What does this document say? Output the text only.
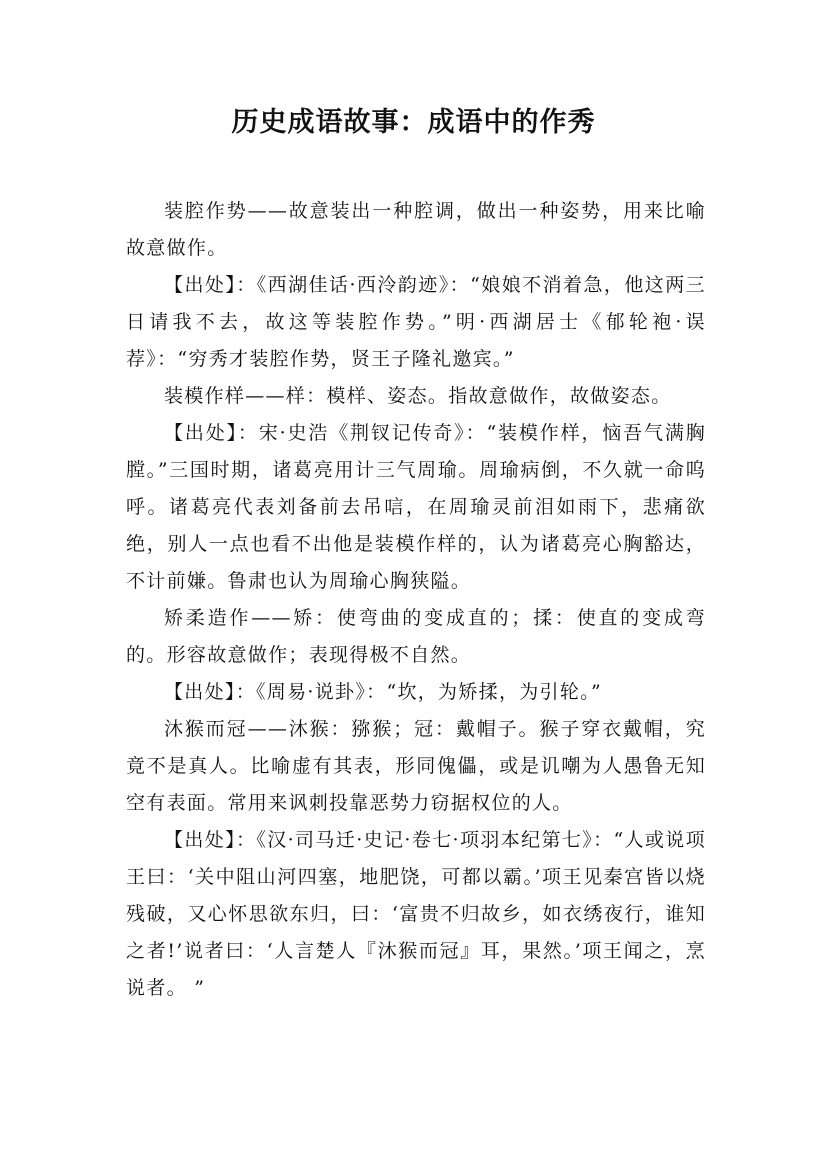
历史成语故事：成语中的作秀

装腔作势——故意装出一种腔调，做出一种姿势，用来比喻故意做作。

【出处】：《西湖佳话·西泠韵迹》：“娘娘不消着急，他这两三日请我不去，故这等装腔作势。”明·西湖居士《郁轮袍·误荐》：“穷秀才装腔作势，贤王子隆礼邀宾。”

装模作样——样：模样、姿态。指故意做作，故做姿态。

【出处】：宋·史浩《荆钗记传奇》：“装模作样，恼吾气满胸膛。”三国时期，诸葛亮用计三气周瑜。周瑜病倒，不久就一命呜呼。诸葛亮代表刘备前去吊唁，在周瑜灵前泪如雨下，悲痛欲绝，别人一点也看不出他是装模作样的，认为诸葛亮心胸豁达，不计前嫌。鲁肃也认为周瑜心胸狭隘。

矫柔造作——矫：使弯曲的变成直的；揉：使直的变成弯的。形容故意做作；表现得极不自然。

【出处】：《周易·说卦》：“坎，为矫揉，为引轮。”

沐猴而冠——沐猴：猕猴；冠：戴帽子。猴子穿衣戴帽，究竟不是真人。比喻虚有其表，形同傀儡，或是讥嘲为人愚鲁无知空有表面。常用来讽刺投靠恶势力窃据权位的人。

【出处】：《汉·司马迁·史记·卷七·项羽本纪第七》：“人或说项王曰：‘关中阻山河四塞，地肥饶，可都以霸。’项王见秦宫皆以烧残破，又心怀思欲东归，曰：‘富贵不归故乡，如衣绣夜行，谁知之者!’说者曰：‘人言楚人『沐猴而冠』耳，果然。’项王闻之，烹说者。 ”
